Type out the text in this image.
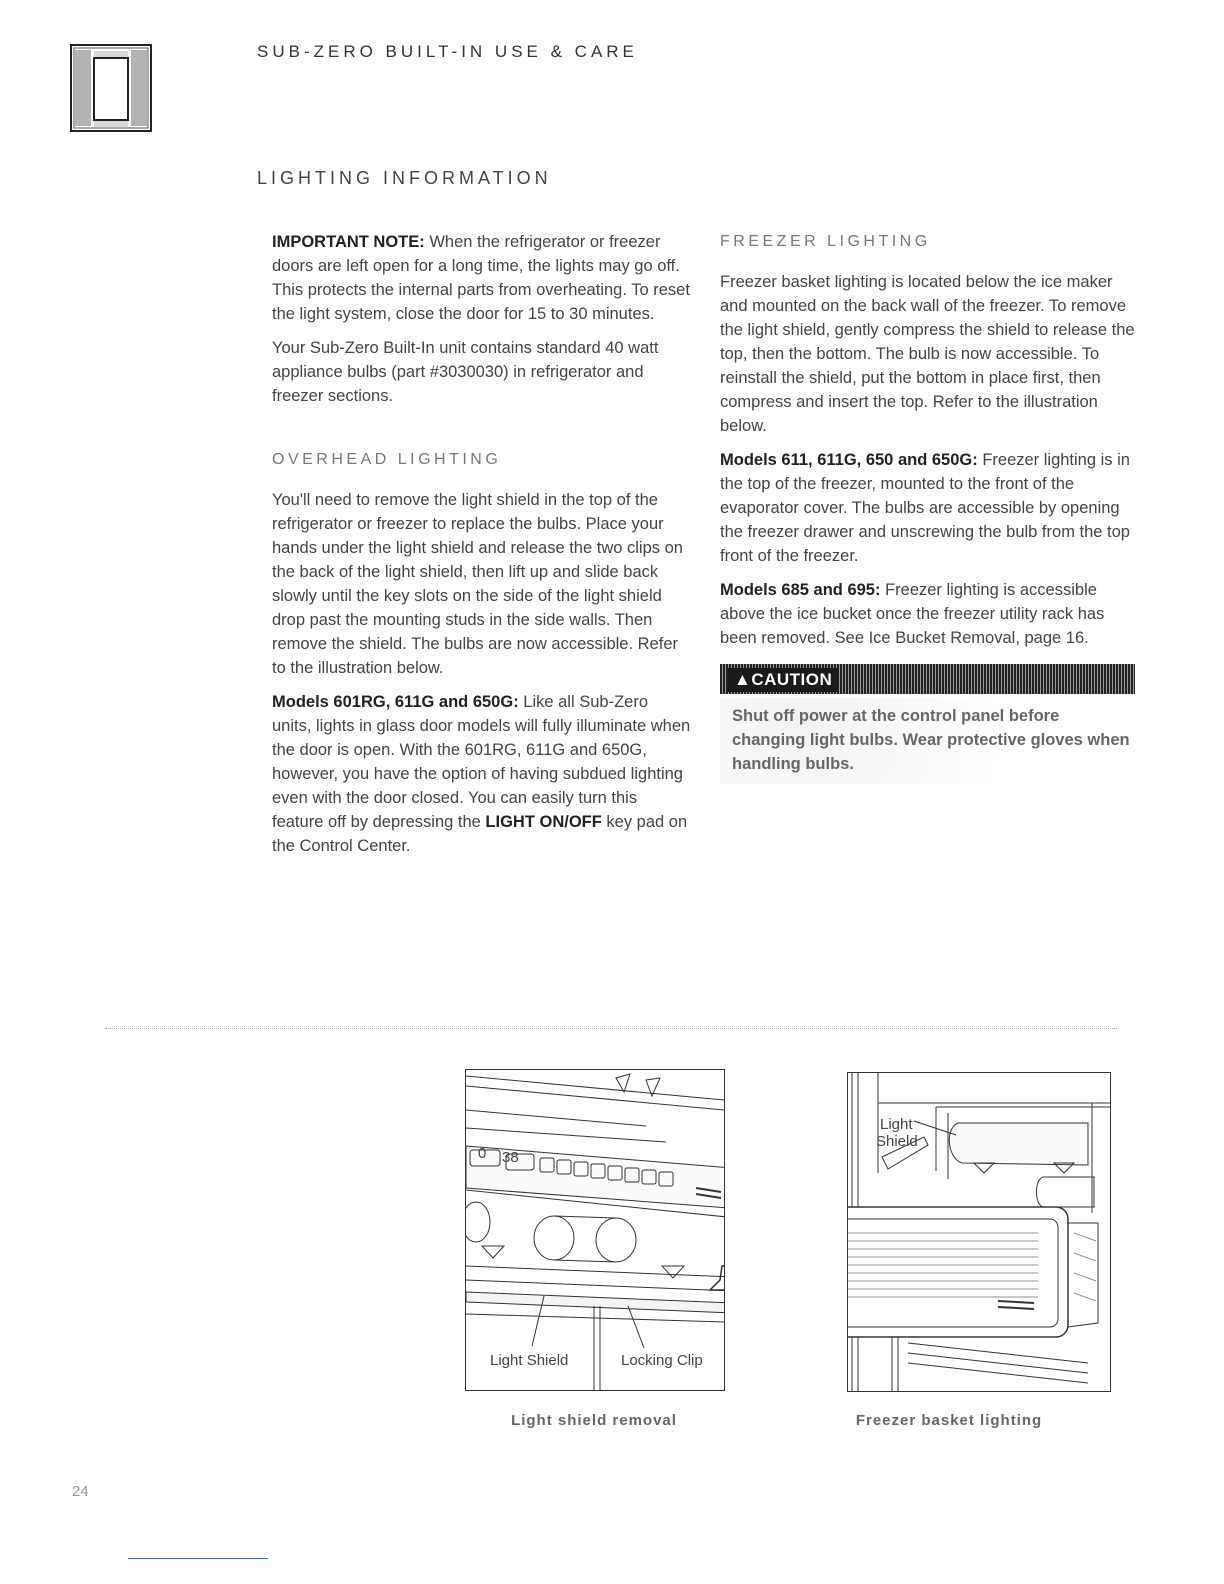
SUB-ZERO BUILT-IN USE & CARE
LIGHTING INFORMATION

IMPORTANT NOTE: When the refrigerator or freezer doors are left open for a long time, the lights may go off. This protects the internal parts from overheating. To reset the light system, close the door for 15 to 30 minutes.

Your Sub-Zero Built-In unit contains standard 40 watt appliance bulbs (part #3030030) in refrigerator and freezer sections.

OVERHEAD LIGHTING

You'll need to remove the light shield in the top of the refrigerator or freezer to replace the bulbs. Place your hands under the light shield and release the two clips on the back of the light shield, then lift up and slide back slowly until the key slots on the side of the light shield drop past the mounting studs in the side walls. Then remove the shield. The bulbs are now accessible. Refer to the illustration below.

Models 601RG, 611G and 650G: Like all Sub-Zero units, lights in glass door models will fully illuminate when the door is open. With the 601RG, 611G and 650G, however, you have the option of having subdued lighting even with the door closed. You can easily turn this feature off by depressing the LIGHT ON/OFF key pad on the Control Center.

FREEZER LIGHTING

Freezer basket lighting is located below the ice maker and mounted on the back wall of the freezer. To remove the light shield, gently compress the shield to release the top, then the bottom. The bulb is now accessible. To reinstall the shield, put the bottom in place first, then compress and insert the top. Refer to the illustration below.

Models 611, 611G, 650 and 650G: Freezer lighting is in the top of the freezer, mounted to the front of the evaporator cover. The bulbs are accessible by opening the freezer drawer and unscrewing the bulb from the top front of the freezer.

Models 685 and 695: Freezer lighting is accessible above the ice bucket once the freezer utility rack has been removed. See Ice Bucket Removal, page 16.

▲CAUTION
Shut off power at the control panel before changing light bulbs. Wear protective gloves when handling bulbs.
0 38
Light Shield	Locking Clip
Light
Shield
Light shield removal	Freezer basket lighting
24
